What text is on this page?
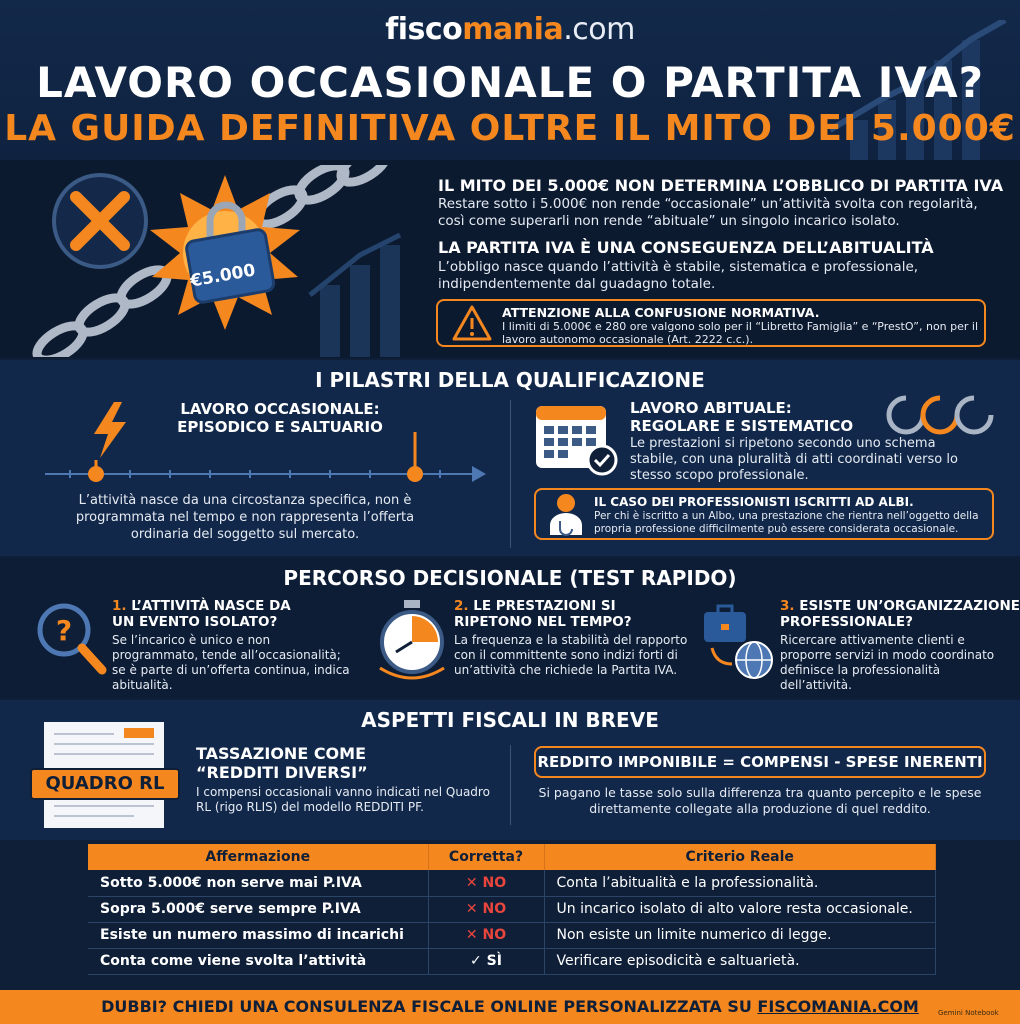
fiscomania.com
LAVORO OCCASIONALE O PARTITA IVA?
LA GUIDA DEFINITIVA OLTRE IL MITO DEI 5.000€
€5.000
IL MITO DEI 5.000€ NON DETERMINA L’OBBLICO DI PARTITA IVA
Restare sotto i 5.000€ non rende “occasionale” un’attività svolta con regolarità, così come superarli non rende “abituale” un singolo incarico isolato.
LA PARTITA IVA È UNA CONSEGUENZA DELL’ABITUALITÀ
L’obbligo nasce quando l’attività è stabile, sistematica e professionale, indipendentemente dal guadagno totale.
ATTENZIONE ALLA CONFUSIONE NORMATIVA.
I limiti di 5.000€ e 280 ore valgono solo per il “Libretto Famiglia” e “PrestO”, non per il lavoro autonomo occasionale (Art. 2222 c.c.).
I PILASTRI DELLA QUALIFICAZIONE
LAVORO OCCASIONALE:
EPISODICO E SALTUARIO
L’attività nasce da una circostanza specifica, non è programmata nel tempo e non rappresenta l’offerta ordinaria del soggetto sul mercato.
LAVORO ABITUALE:
REGOLARE E SISTEMATICO
Le prestazioni si ripetono secondo uno schema stabile, con una pluralità di atti coordinati verso lo stesso scopo professionale.
IL CASO DEI PROFESSIONISTI ISCRITTI AD ALBI.
Per chi è iscritto a un Albo, una prestazione che rientra nell’oggetto della propria professione difficilmente può essere considerata occasionale.
PERCORSO DECISIONALE (TEST RAPIDO)
?
1. L’ATTIVITÀ NASCE DA
UN EVENTO ISOLATO?
Se l’incarico è unico e non programmato, tende all’occasionalità; se è parte di un’offerta continua, indica abitualità.
2. LE PRESTAZIONI SI
RIPETONO NEL TEMPO?
La frequenza e la stabilità del rapporto con il committente sono indizi forti di un’attività che richiede la Partita IVA.
3. ESISTE UN’ORGANIZZAZIONE
PROFESSIONALE?
Ricercare attivamente clienti e proporre servizi in modo coordinato definisce la professionalità dell’attività.
ASPETTI FISCALI IN BREVE
QUADRO RL
TASSAZIONE COME
“REDDITI DIVERSI”
I compensi occasionali vanno indicati nel Quadro RL (rigo RLIS) del modello REDDITI PF.
REDDITO IMPONIBILE = COMPENSI - SPESE INERENTI
Si pagano le tasse solo sulla differenza tra quanto percepito e le spese direttamente collegate alla produzione di quel reddito.
Affermazione	Corretta?	Criterio Reale
Sotto 5.000€ non serve mai P.IVA	✕ NO	Conta l’abitualità e la professionalità.
Sopra 5.000€ serve sempre P.IVA	✕ NO	Un incarico isolato di alto valore resta occasionale.
Esiste un numero massimo di incarichi	✕ NO	Non esiste un limite numerico di legge.
Conta come viene svolta l’attività	✓ SÌ	Verificare episodicità e saltuarietà.
DUBBI? CHIEDI UNA CONSULENZA FISCALE ONLINE PERSONALIZZATA SU FISCOMANIA.COM	Gemini Notebook
